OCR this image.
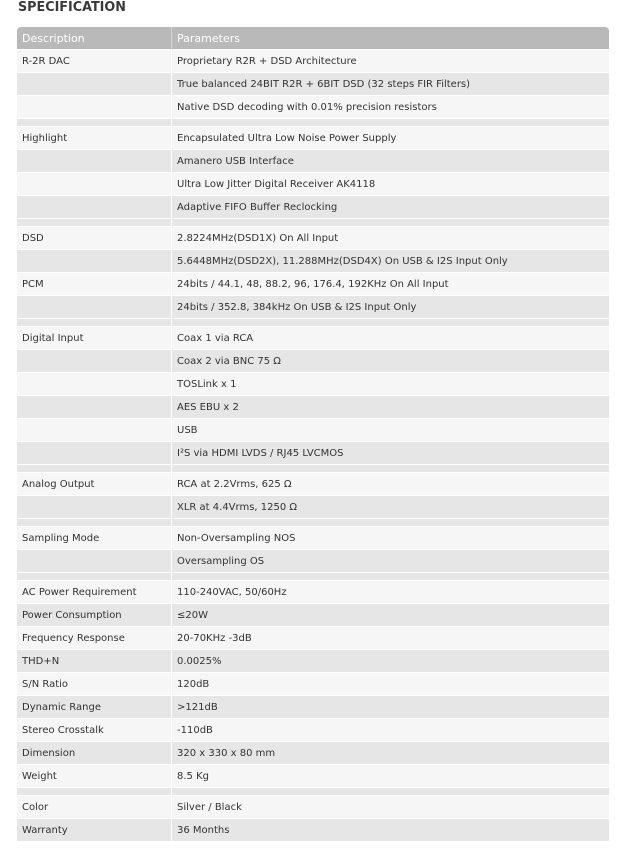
SPECIFICATION
Description	Parameters
R-2R DAC	Proprietary R2R + DSD Architecture
	True balanced 24BIT R2R + 6BIT DSD (32 steps FIR Filters)
	Native DSD decoding with 0.01% precision resistors

Highlight	Encapsulated Ultra Low Noise Power Supply
	Amanero USB Interface
	Ultra Low Jitter Digital Receiver AK4118
	Adaptive FIFO Buffer Reclocking

DSD	2.8224MHz(DSD1X) On All Input
	5.6448MHz(DSD2X), 11.288MHz(DSD4X) On USB & I2S Input Only
PCM	24bits / 44.1, 48, 88.2, 96, 176.4, 192KHz On All Input
	24bits / 352.8, 384kHz On USB & I2S Input Only

Digital Input	Coax 1 via RCA
	Coax 2 via BNC 75 Ω
	TOSLink x 1
	AES EBU x 2
	USB
	I²S via HDMI LVDS / RJ45 LVCMOS

Analog Output	RCA at 2.2Vrms, 625 Ω
	XLR at 4.4Vrms, 1250 Ω

Sampling Mode	Non-Oversampling NOS
	Oversampling OS

AC Power Requirement	110-240VAC, 50/60Hz
Power Consumption	≤20W
Frequency Response	20-70KHz -3dB
THD+N	0.0025%
S/N Ratio	120dB
Dynamic Range	>121dB
Stereo Crosstalk	-110dB
Dimension	320 x 330 x 80 mm
Weight	8.5 Kg

Color	Silver / Black
Warranty	36 Months
